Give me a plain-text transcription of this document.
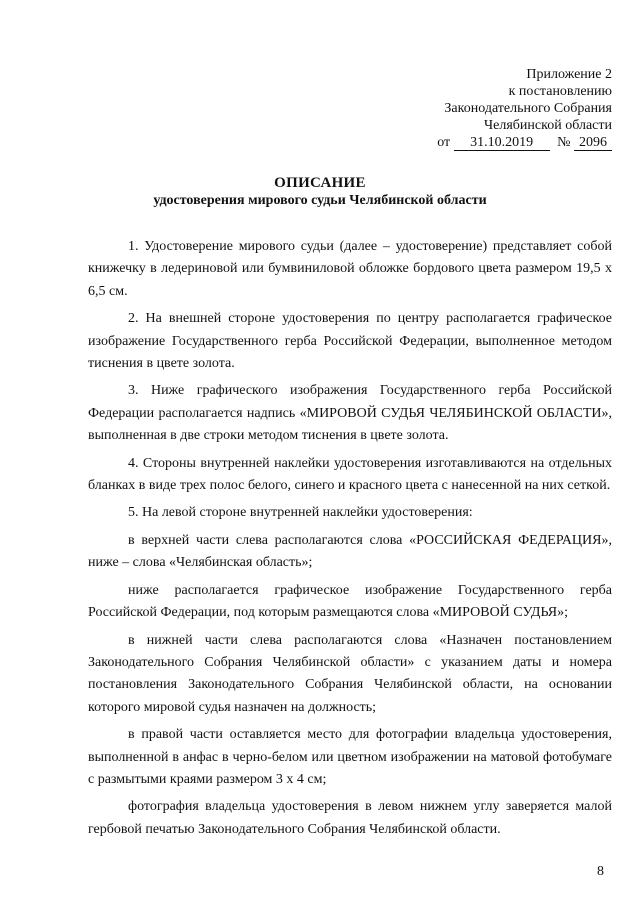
Приложение 2
к постановлению
Законодательного Собрания
Челябинской области
от 31.10.2019 № 2096
ОПИСАНИЕ
удостоверения мирового судьи Челябинской области

1. Удостоверение мирового судьи (далее – удостоверение) представляет собой книжечку в ледериновой или бумвиниловой обложке бордового цвета размером 19,5 х 6,5 см.

2. На внешней стороне удостоверения по центру располагается графическое изображение Государственного герба Российской Федерации, выполненное методом тиснения в цвете золота.

3. Ниже графического изображения Государственного герба Российской Федерации располагается надпись «МИРОВОЙ СУДЬЯ ЧЕЛЯБИНСКОЙ ОБЛАСТИ», выполненная в две строки методом тиснения в цвете золота.

4. Стороны внутренней наклейки удостоверения изготавливаются на отдельных бланках в виде трех полос белого, синего и красного цвета с нанесенной на них сеткой.

5. На левой стороне внутренней наклейки удостоверения:

в верхней части слева располагаются слова «РОССИЙСКАЯ ФЕДЕРАЦИЯ», ниже – слова «Челябинская область»;

ниже располагается графическое изображение Государственного герба Российской Федерации, под которым размещаются слова «МИРОВОЙ СУДЬЯ»;

в нижней части слева располагаются слова «Назначен постановлением Законодательного Собрания Челябинской области» с указанием даты и номера постановления Законодательного Собрания Челябинской области, на основании которого мировой судья назначен на должность;

в правой части оставляется место для фотографии владельца удостоверения, выполненной в анфас в черно-белом или цветном изображении на матовой фотобумаге с размытыми краями размером 3 х 4 см;

фотография владельца удостоверения в левом нижнем углу заверяется малой гербовой печатью Законодательного Собрания Челябинской области.

8
